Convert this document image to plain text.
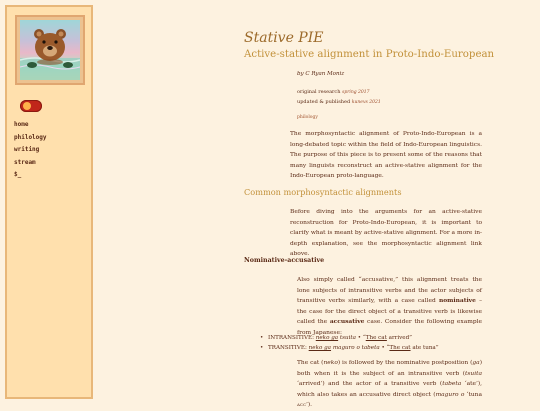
home
philology
writing
stream
$_
Stative PIE
Active-stative alignment in Proto-Indo-European
by C Ryan Moniz
original research spring 2017
updated & published kunevs 2021
philology

The morphosyntactic alignment of Proto-Indo-European is a long-debated topic within the field of Indo-European linguistics. The purpose of this piece is to present some of the reasons that many linguists reconstruct an active-stative alignment for the Indo-European proto-language.

Common morphosyntactic alignments

Before diving into the arguments for an active-stative reconstruction for Proto-Indo-European, it is important to clarify what is meant by active-stative alignment. For a more in-depth explanation, see the morphosyntactic alignment link above.

Nominative-accusative

Also simply called “accusative,” this alignment treats the lone subjects of intransitive verbs and the actor subjects of transitive verbs similarly, with a case called nominative – the case for the direct object of a transitive verb is likewise called the accusative case. Consider the following example from Japanese:

• INTRANSITIVE: neko ga tsuita • “The cat arrived”
• TRANSITIVE: neko ga maguro o tabeta • “The cat ate tuna”

The cat (neko) is followed by the nominative postposition (ga) both when it is the subject of an intransitive verb (tsuita ‘arrived’) and the actor of a transitive verb (tabeta ‘ate’), which also takes an accusative direct object (maguro o ‘tuna ACC’).
